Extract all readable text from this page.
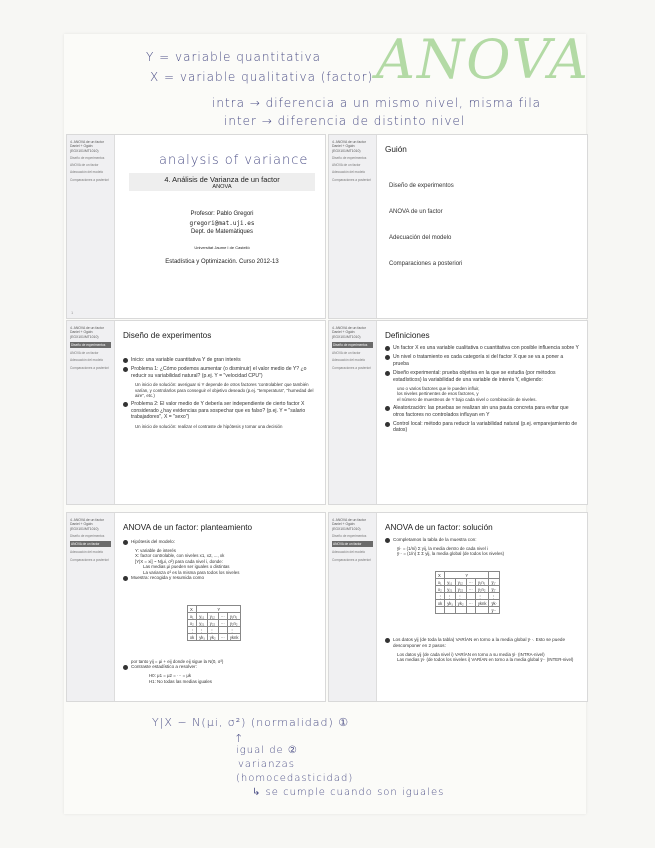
Y = variable quantitativa
X = variable qualitativa (factor) ANOVA
intra → diferencia a un mismo nivel, misma fila
inter → diferencia de distinto nivel
4. ANOVA de un factor
Daniel + Ogáin (EGX101/MT1010)
Diseño de experimentos
ANOVA de un factor
Adecuación del modelo
Comparaciones a posteriori
1
analysis of variance
4. Análisis de Varianza de un factor
ANOVA
Profesor: Pablo Gregori
gregori@mat.uji.es
Dept. de Matemàtiques
Universitat Jaume I de Castelló
Estadística y Optimización. Curso 2012-13
4. ANOVA de un factor
Daniel + Ogáin (EGX101/MT1010)
Diseño de experimentos
ANOVA de un factor
Adecuación del modelo
Comparaciones a posteriori
Guión
Diseño de experimentos
ANOVA de un factor
Adecuación del modelo
Comparaciones a posteriori
4. ANOVA de un factor
Daniel + Ogáin (EGX101/MT1010)
Diseño de experimentos
ANOVA de un factor
Adecuación del modelo
Comparaciones a posteriori
Diseño de experimentos
Inicio: una variable cuantitativa Y de gran interés
Problema 1: ¿Cómo podemos aumentar (o disminuir) el valor medio de Y? ¿o reducir su variabilidad natural? (p.ej. Y = "velocidad CPU")
Un inicio de solución: averiguar si Y depende de otros factores 'controlables' que también varían, y controlarlos para conseguir el objetivo deseado (p.ej. "temperatura", "humedad del aire", etc.)
Problema 2: El valor medio de Y debería ser independiente de cierto factor X considerado ¿hay evidencias para sospechar que es falso? (p.ej. Y = "salario trabajadores", X = "sexo")
Un inicio de solución: realizar el contraste de hipótesis y tomar una decisión
4. ANOVA de un factor
Daniel + Ogáin (EGX101/MT1010)
Diseño de experimentos
ANOVA de un factor
Adecuación del modelo
Comparaciones a posteriori
Definiciones
Un factor X es una variable cualitativa o cuantitativa con posible influencia sobre Y
Un nivel o tratamiento es cada categoría xi del factor X que se va a poner a prueba
Diseño experimental: prueba objetiva en la que se estudia (por métodos estadísticos) la variabilidad de una variable de interés Y, eligiendo:
uno o varios factores que le pueden influir,
los niveles pertinentes de esos factores, y
el número de muestreos de Y bajo cada nivel o combinación de niveles.
Aleatorización: las pruebas se realizan sin una pauta concreta para evitar que otros factores no controlados influyan en Y
Control local: método para reducir la variabilidad natural (p.ej. emparejamiento de datos)
4. ANOVA de un factor
Daniel + Ogáin (EGX101/MT1010)
Diseño de experimentos
ANOVA de un factor
Adecuación del modelo
Comparaciones a posteriori
ANOVA de un factor: planteamiento
Hipótesis del modelo:
Y: variable de interés
X: factor controlable, con niveles x1, x2, ..., xk
[Y|X = xi] ~ N(μi, σ²) para cada nivel i, donde:
Las medias μi pueden ser iguales o distintas
La varianza σ² es la misma para todos los niveles
Muestra: recogida y resumida como
X	Y			
x₁	y₁₁	y₁₂	···	y₁n₁
x₂	y₂₁	y₂₂	···	y₂n₂
⋮	⋮	⋮		⋮
xk	yk₁	yk₂	···	yknk
por tanto yij = μi + eij donde eij sigue la N(0, σ²)
Contraste estadístico a resolver:
H0: μ1 = μ2 = ··· = μk
H1: No todas las medias iguales
4. ANOVA de un factor
Daniel + Ogáin (EGX101/MT1010)
Diseño de experimentos
ANOVA de un factor
Adecuación del modelo
Comparaciones a posteriori
ANOVA de un factor: solución
Completamos la tabla de la muestra con:
ȳi· = (1/ni) Σ yij, la media dentro de cada nivel i
ȳ·· = (1/n) Σ Σ yij, la media global (de todos los niveles)
X	Y				
x₁	y₁₁	y₁₂	···	y₁n₁	ȳ₁·
x₂	y₂₁	y₂₂	···	y₂n₂	ȳ₂·
⋮	⋮	⋮		⋮	⋮
xk	yk₁	yk₂	···	yknk	ȳk·
					ȳ··
Los datos yij (de toda la tabla) VARÍAN en torno a la media global ȳ··. Esto se puede descomponer en 2 pasos:
Los datos yij (de cada nivel i) VARÍAN en torno a su media ȳi· (INTRA-nivel)
Las medias ȳi· (de todos los niveles i) VARÍAN en torno a la media global ȳ·· (INTER-nivel)
Y|X ~ N(μi, σ²) (normalidad) ①
↑
igual de ②
varianzas
(homocedasticidad)
↳ se cumple cuando son iguales
